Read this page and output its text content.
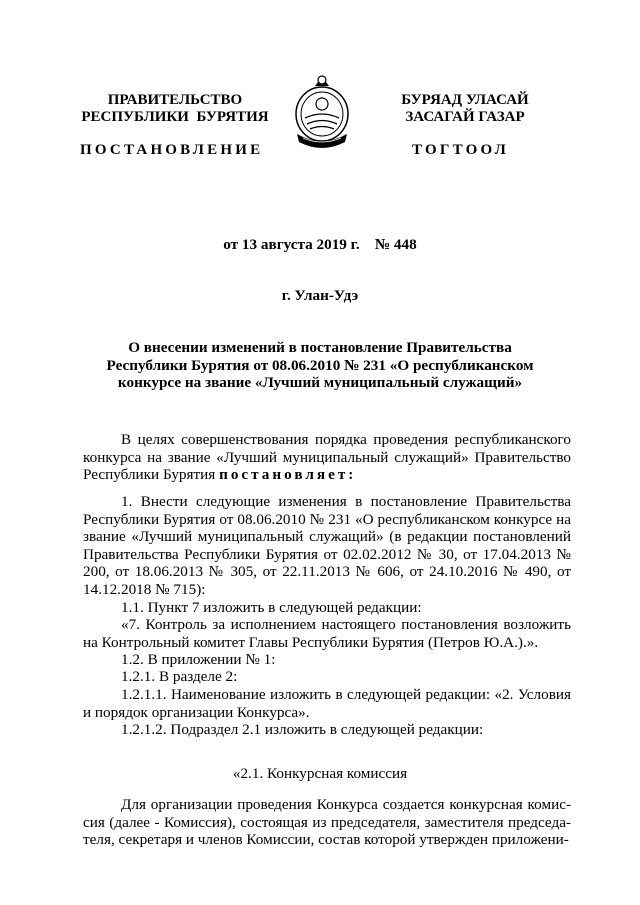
ПРАВИТЕЛЬСТВО
РЕСПУБЛИКИ  БУРЯТИЯ
БУРЯАД УЛАСАЙ
ЗАСАГАЙ ГАЗАР
ПОСТАНОВЛЕНИЕ	ТОГТООЛ
от 13 августа 2019 г.    № 448
г. Улан-Удэ
О внесении изменений в постановление Правительства
Республики Бурятия от 08.06.2010 № 231 «О республиканском
конкурсе на звание «Лучший муниципальный служащий»
В целях совершенствования порядка проведения республиканского конкурса на звание «Лучший муниципальный служащий» Правительство Республики Бурятия постановляет:
1. Внести следующие изменения в постановление Правительства Республики Бурятия от 08.06.2010 № 231 «О республиканском конкурсе на звание «Лучший муниципальный служащий» (в редакции постановлений Правительства Республики Бурятия от 02.02.2012 № 30, от 17.04.2013 № 200, от 18.06.2013 № 305, от 22.11.2013 № 606, от 24.10.2016 № 490, от 14.12.2018 № 715):
1.1. Пункт 7 изложить в следующей редакции:
«7. Контроль за исполнением настоящего постановления возложить на Контрольный комитет Главы Республики Бурятия (Петров Ю.А.).».
1.2. В приложении № 1:
1.2.1. В разделе 2:
1.2.1.1. Наименование изложить в следующей редакции: «2. Условия и порядок организации Конкурса».
1.2.1.2. Подраздел 2.1 изложить в следующей редакции:
«2.1. Конкурсная комиссия
Для организации проведения Конкурса создается конкурсная комис-сия (далее - Комиссия), состоящая из председателя, заместителя председа-теля, секретаря и членов Комиссии, состав которой утвержден приложени-
